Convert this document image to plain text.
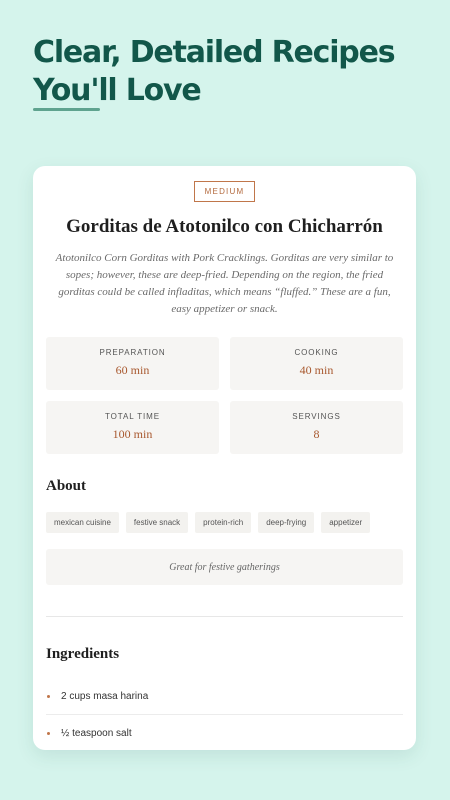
Clear, Detailed Recipes
You'll Love
MEDIUM
Gorditas de Atotonilco con Chicharrón
Atotonilco Corn Gorditas with Pork Cracklings. Gorditas are very similar to sopes; however, these are deep-fried. Depending on the region, the fried gorditas could be called infladitas, which means “fluffed.” These are a fun, easy appetizer or snack.
PREPARATION
60 min
COOKING
40 min
TOTAL TIME
100 min
SERVINGS
8
About
mexican cuisine	festive snack	protein-rich	deep-frying	appetizer
Great for festive gatherings
Ingredients
2 cups masa harina
½ teaspoon salt
